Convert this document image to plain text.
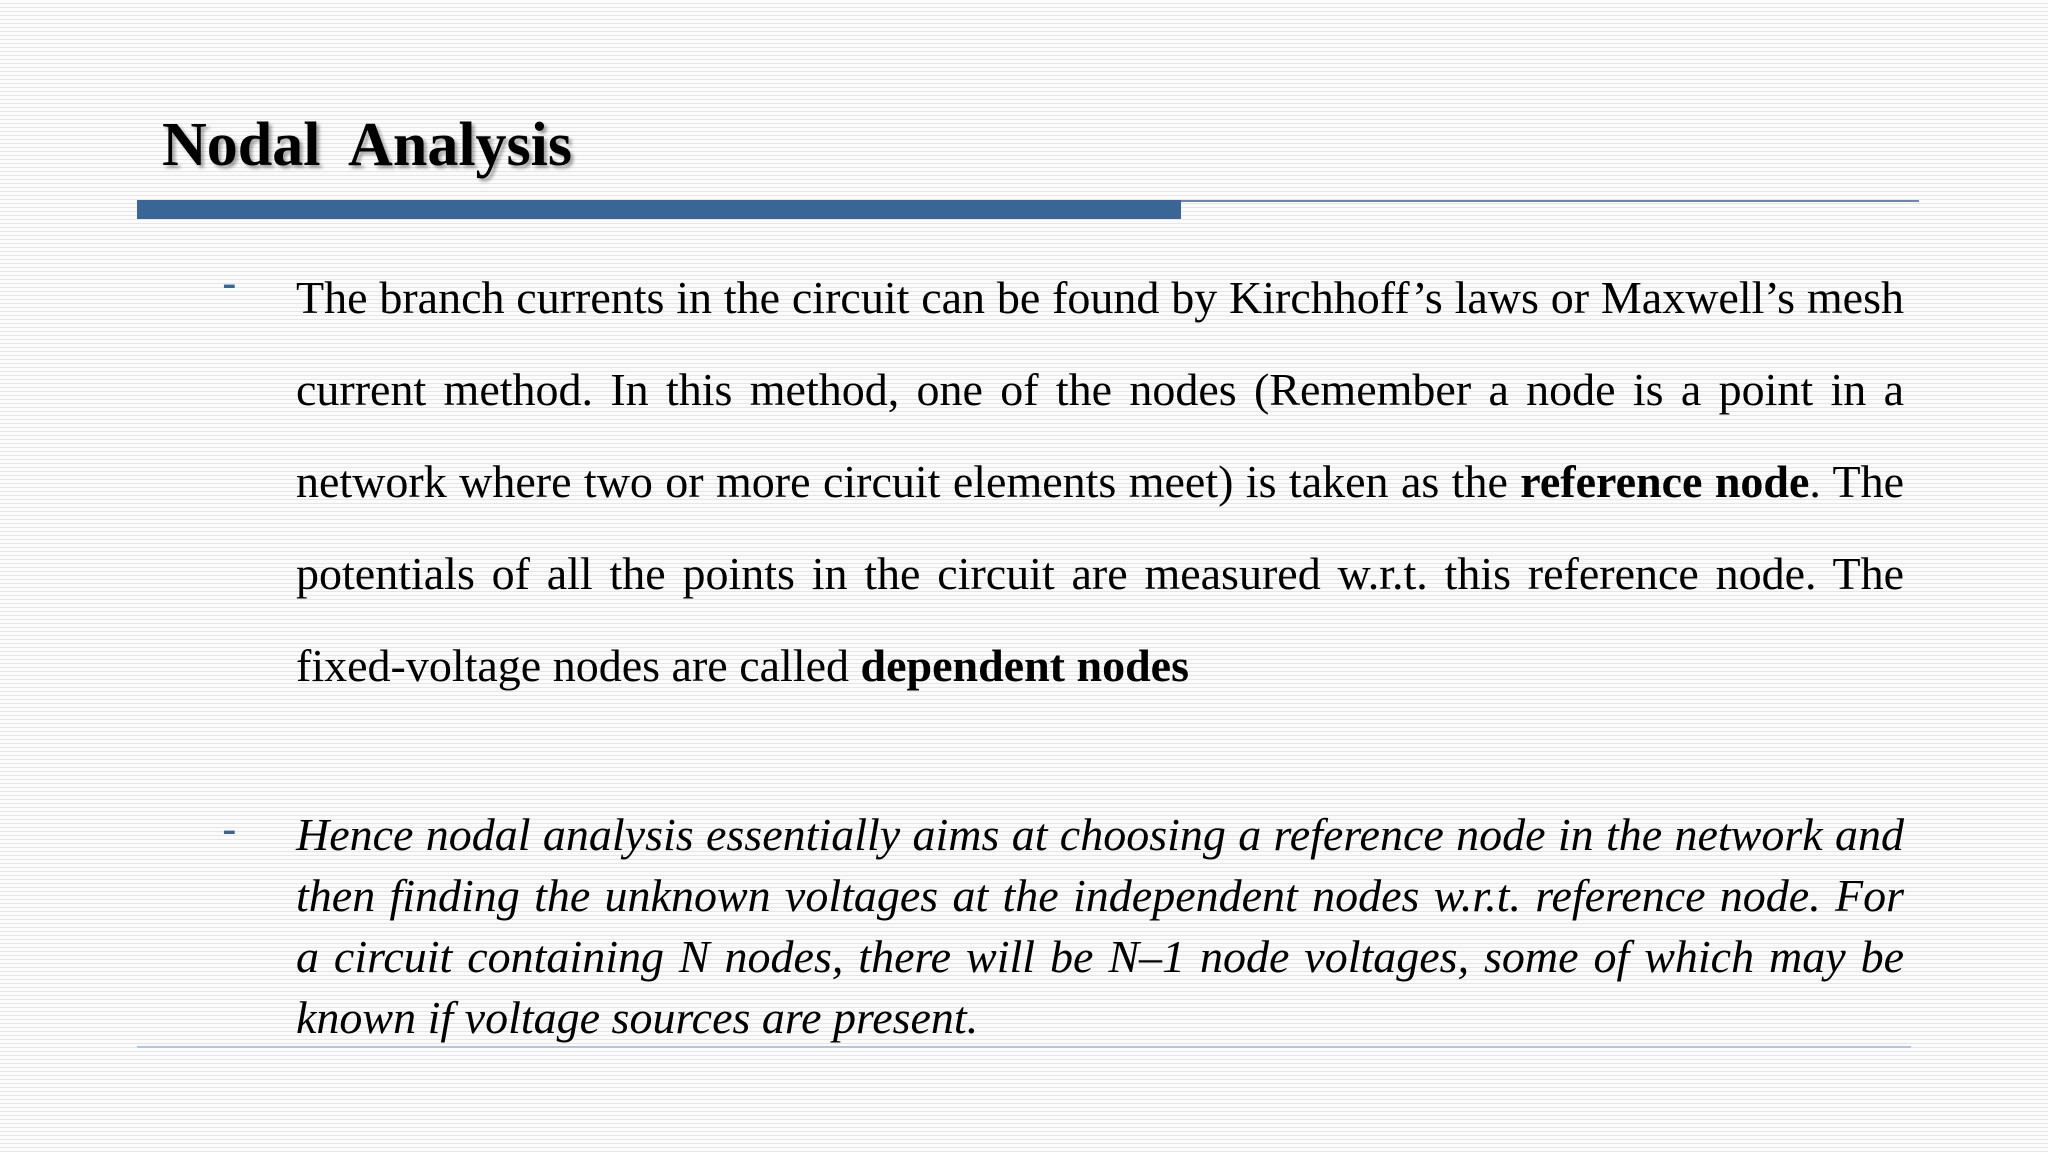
Nodal  Analysis
- The branch currents in the circuit can be found by Kirchhoff’s laws or Maxwell’s mesh current method. In this method, one of the nodes (Remember a node is a point in a network where two or more circuit elements meet) is taken as the reference node. The potentials of all the points in the circuit are measured w.r.t. this reference node. The fixed-voltage nodes are called dependent nodes

- Hence nodal analysis essentially aims at choosing a reference node in the network and then finding the unknown voltages at the independent nodes w.r.t. reference node. For a circuit containing N nodes, there will be N–1 node voltages, some of which may be known if voltage sources are present.
